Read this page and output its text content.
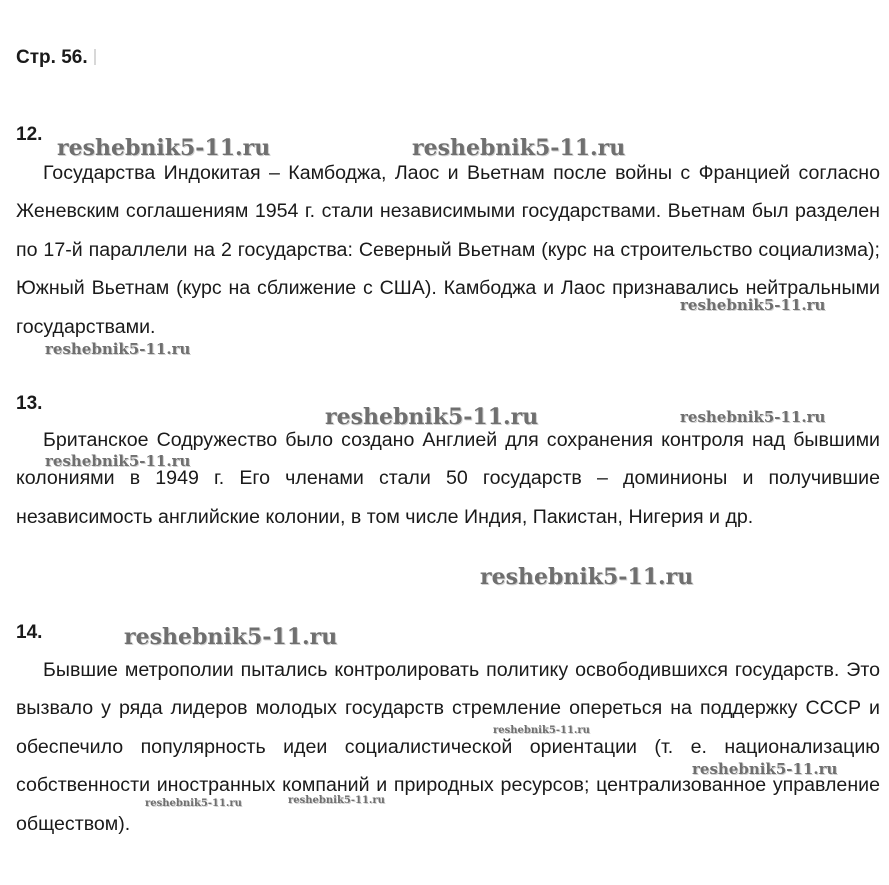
Стр. 56.
12.

Государства Индокитая – Камбоджа, Лаос и Вьетнам после войны с Францией согласно Женевским соглашениям 1954 г. стали независимыми государствами. Вьетнам был разделен по 17-й параллели на 2 государства: Северный Вьетнам (курс на строительство социализма); Южный Вьетнам (курс на сближение с США). Камбоджа и Лаос признавались нейтральными государствами.

13.

Британское Содружество было создано Англией для сохранения контроля над бывшими колониями в 1949 г. Его членами стали 50 государств – доминионы и получившие независимость английские колонии, в том числе Индия, Пакистан, Нигерия и др.

14.

Бывшие метрополии пытались контролировать политику освободившихся государств. Это вызвало у ряда лидеров молодых государств стремление опереться на поддержку СССР и обеспечило популярность идеи социалистической ориентации (т. е. национализацию собственности иностранных компаний и природных ресурсов; централизованное управление обществом).

reshebnik5-11.ru	reshebnik5-11.ru
reshebnik5-11.ru
reshebnik5-11.ru
reshebnik5-11.ru	reshebnik5-11.ru
reshebnik5-11.ru
reshebnik5-11.ru
reshebnik5-11.ru
reshebnik5-11.ru
reshebnik5-11.ru
reshebnik5-11.ru	reshebnik5-11.ru
